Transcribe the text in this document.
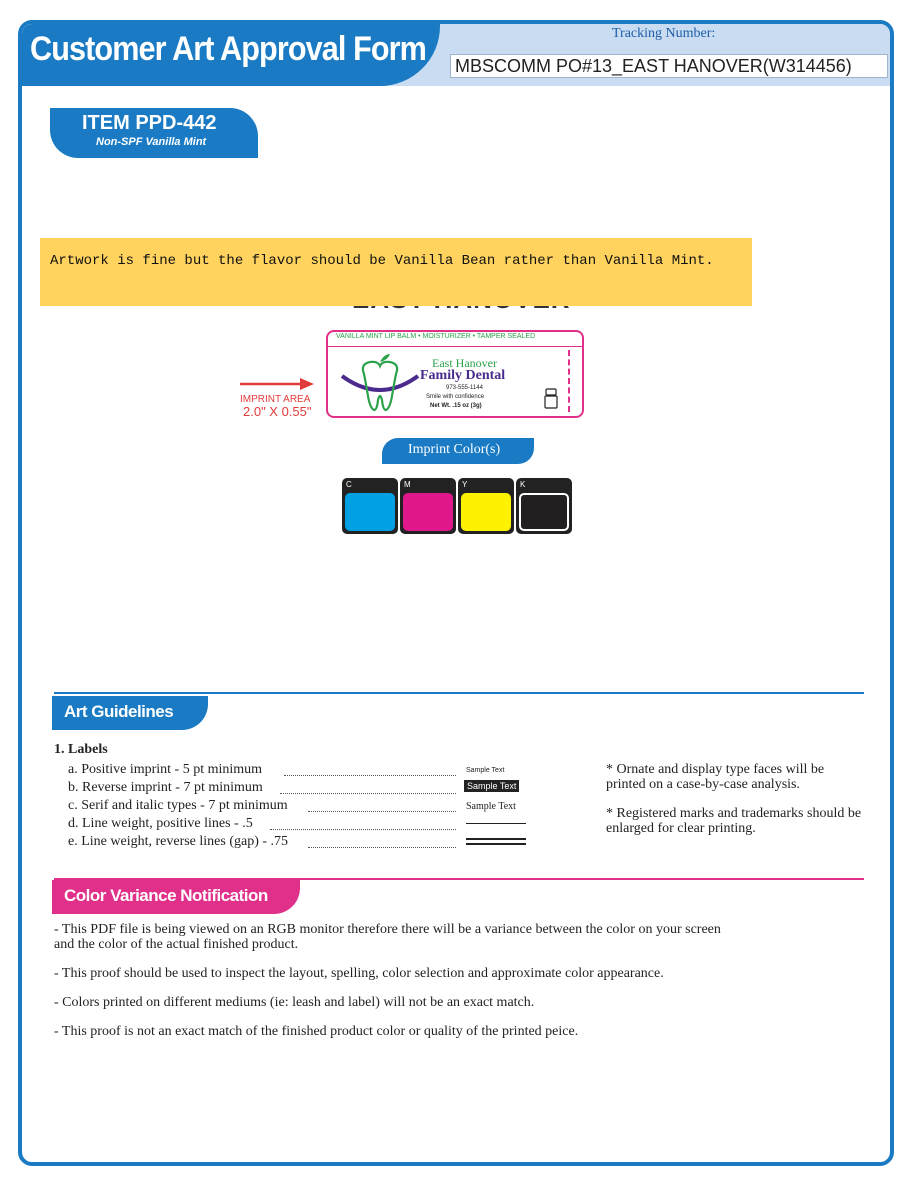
Customer Art Approval Form	Tracking Number:
MBSCOMM PO#13_EAST HANOVER(W314456)
ITEM PPD-442
Non-SPF Vanilla Mint
Artwork is fine but the flavor should be Vanilla Bean rather than Vanilla Mint.
VANILLA MINT LIP BALM • MOISTURIZER • TAMPER SEALED
East Hanover
Family Dental
973-555-1144
Smile with confidence
Net Wt. .15 oz (3g)
IMPRINT AREA
2.0" X 0.55"
Imprint Color(s)
C	M	Y	K
Art Guidelines
1. Labels
a. Positive imprint - 5 pt minimum	Sample Text
b. Reverse imprint - 7 pt minimum	Sample Text
c. Serif and italic types - 7 pt minimum	Sample Text
d. Line weight, positive lines - .5
e. Line weight, reverse lines (gap) - .75
* Ornate and display type faces will be printed on a case-by-case analysis.
* Registered marks and trademarks should be enlarged for clear printing.
Color Variance Notification
- This PDF file is being viewed on an RGB monitor therefore there will be a variance between the color on your screen and the color of the actual finished product.
- This proof should be used to inspect the layout, spelling, color selection and approximate color appearance.
- Colors printed on different mediums (ie: leash and label) will not be an exact match.
- This proof is not an exact match of the finished product color or quality of the printed peice.
